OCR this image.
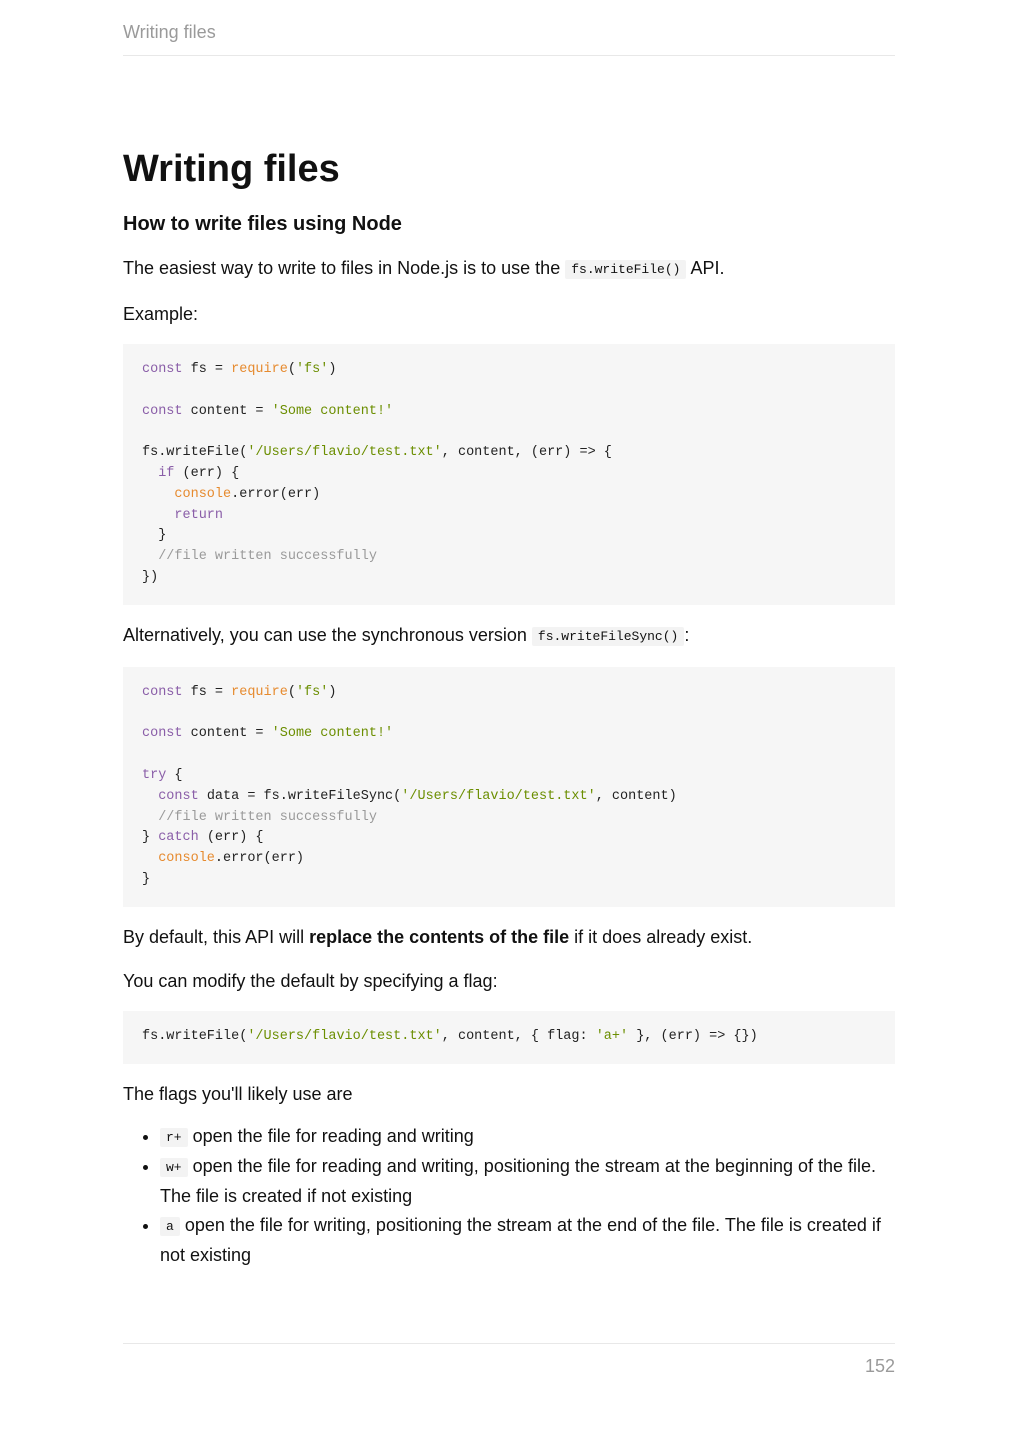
Writing files
Writing files
How to write files using Node

The easiest way to write to files in Node.js is to use the fs.writeFile() API.

Example:

const fs = require('fs')

const content = 'Some content!'

fs.writeFile('/Users/flavio/test.txt', content, (err) => {
if (err) {
console.error(err)
return
}
//file written successfully
})

Alternatively, you can use the synchronous version fs.writeFileSync() :

const fs = require('fs')

const content = 'Some content!'

try {
const data = fs.writeFileSync('/Users/flavio/test.txt', content)
//file written successfully
} catch (err) {
console.error(err)
}

By default, this API will replace the contents of the file if it does already exist.

You can modify the default by specifying a flag:

fs.writeFile('/Users/flavio/test.txt', content, { flag: 'a+' }, (err) => {})

The flags you'll likely use are

• r+ open the file for reading and writing
• w+ open the file for reading and writing, positioning the stream at the beginning of the file. The file is created if not existing
• a open the file for writing, positioning the stream at the end of the file. The file is created if not existing
152
